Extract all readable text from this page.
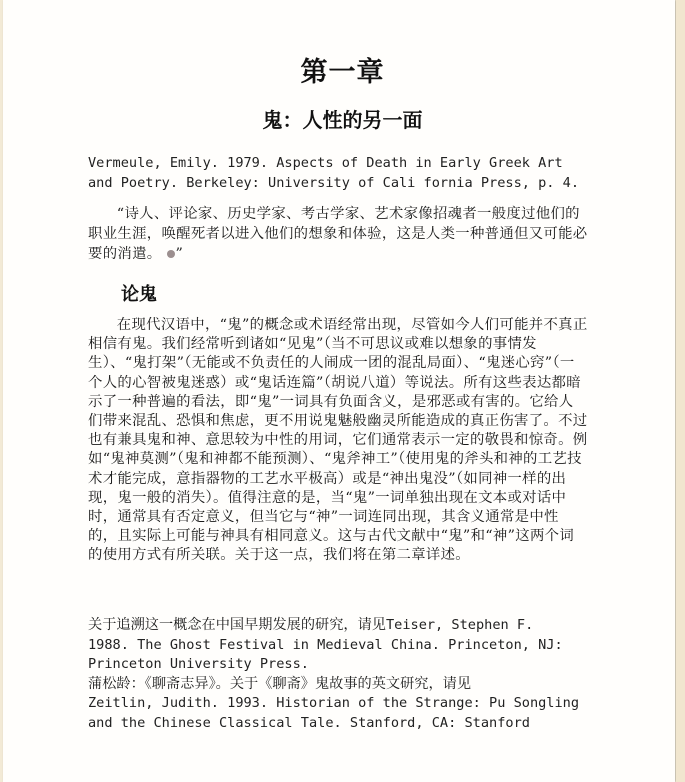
第一章
鬼：人性的另一面
Vermeule, Emily. 1979. Aspects of Death in Early Greek Art
and Poetry. Berkeley: University of Cali fornia Press, p. 4.
“诗人、评论家、历史学家、考古学家、艺术家像招魂者一般度过他们的职业生涯，唤醒死者以进入他们的想象和体验，这是人类一种普通但又可能必要的消遣。 ”
论鬼
在现代汉语中，“鬼”的概念或术语经常出现，尽管如今人们可能并不真正相信有鬼。我们经常听到诸如“见鬼”（当不可思议或难以想象的事情发生）、“鬼打架”（无能或不负责任的人闹成一团的混乱局面）、“鬼迷心窍”（一个人的心智被鬼迷惑）或“鬼话连篇”（胡说八道）等说法。所有这些表达都暗示了一种普遍的看法，即“鬼”一词具有负面含义，是邪恶或有害的。它给人们带来混乱、恐惧和焦虑，更不用说鬼魅般幽灵所能造成的真正伤害了。不过也有兼具鬼和神、意思较为中性的用词，它们通常表示一定的敬畏和惊奇。例如“鬼神莫测”（鬼和神都不能预测）、“鬼斧神工”（使用鬼的斧头和神的工艺技术才能完成，意指器物的工艺水平极高）或是“神出鬼没”（如同神一样的出现，鬼一般的消失）。值得注意的是，当“鬼”一词单独出现在文本或对话中时，通常具有否定意义，但当它与“神”一词连同出现，其含义通常是中性的，且实际上可能与神具有相同意义。这与古代文献中“鬼”和“神”这两个词的使用方式有所关联。关于这一点，我们将在第二章详述。
关于追溯这一概念在中国早期发展的研究，请见Teiser, Stephen F.
1988. The Ghost Festival in Medieval China. Princeton, NJ:
Princeton University Press.
蒲松龄：《聊斋志异》。关于《聊斋》鬼故事的英文研究，请见
Zeitlin, Judith. 1993. Historian of the Strange: Pu Songling
and the Chinese Classical Tale. Stanford, CA: Stanford
